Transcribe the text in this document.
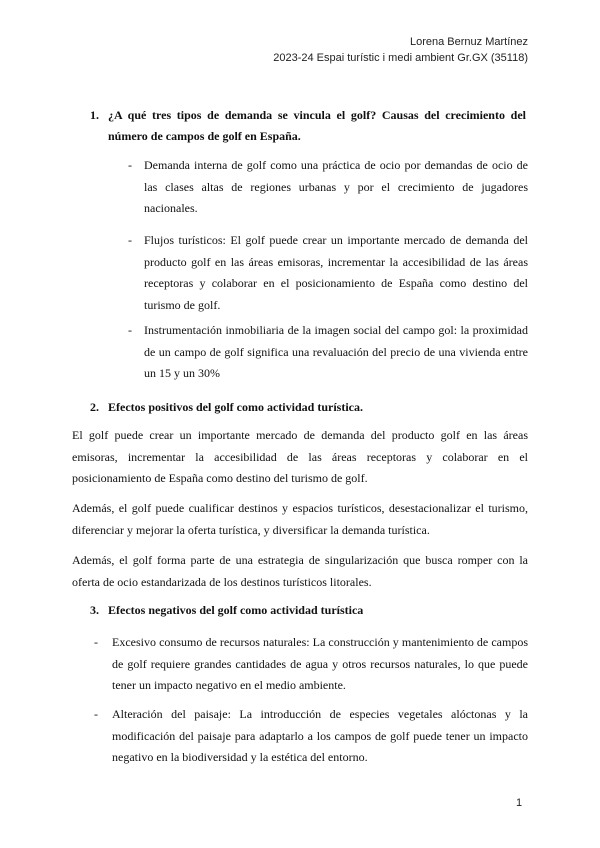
Lorena Bernuz Martínez
2023-24 Espai turístic i medi ambient Gr.GX (35118)
1. ¿A qué tres tipos de demanda se vincula el golf? Causas del crecimiento del número de campos de golf en España.
- Demanda interna de golf como una práctica de ocio por demandas de ocio de las clases altas de regiones urbanas y por el crecimiento de jugadores nacionales.
- Flujos turísticos: El golf puede crear un importante mercado de demanda del producto golf en las áreas emisoras, incrementar la accesibilidad de las áreas receptoras y colaborar en el posicionamiento de España como destino del turismo de golf.
- Instrumentación inmobiliaria de la imagen social del campo gol: la proximidad de un campo de golf significa una revaluación del precio de una vivienda entre un 15 y un 30%
2. Efectos positivos del golf como actividad turística.
El golf puede crear un importante mercado de demanda del producto golf en las áreas emisoras, incrementar la accesibilidad de las áreas receptoras y colaborar en el posicionamiento de España como destino del turismo de golf.
Además, el golf puede cualificar destinos y espacios turísticos, desestacionalizar el turismo, diferenciar y mejorar la oferta turística, y diversificar la demanda turística.
Además, el golf forma parte de una estrategia de singularización que busca romper con la oferta de ocio estandarizada de los destinos turísticos litorales.
3. Efectos negativos del golf como actividad turística
- Excesivo consumo de recursos naturales: La construcción y mantenimiento de campos de golf requiere grandes cantidades de agua y otros recursos naturales, lo que puede tener un impacto negativo en el medio ambiente.
- Alteración del paisaje: La introducción de especies vegetales alóctonas y la modificación del paisaje para adaptarlo a los campos de golf puede tener un impacto negativo en la biodiversidad y la estética del entorno.
1
